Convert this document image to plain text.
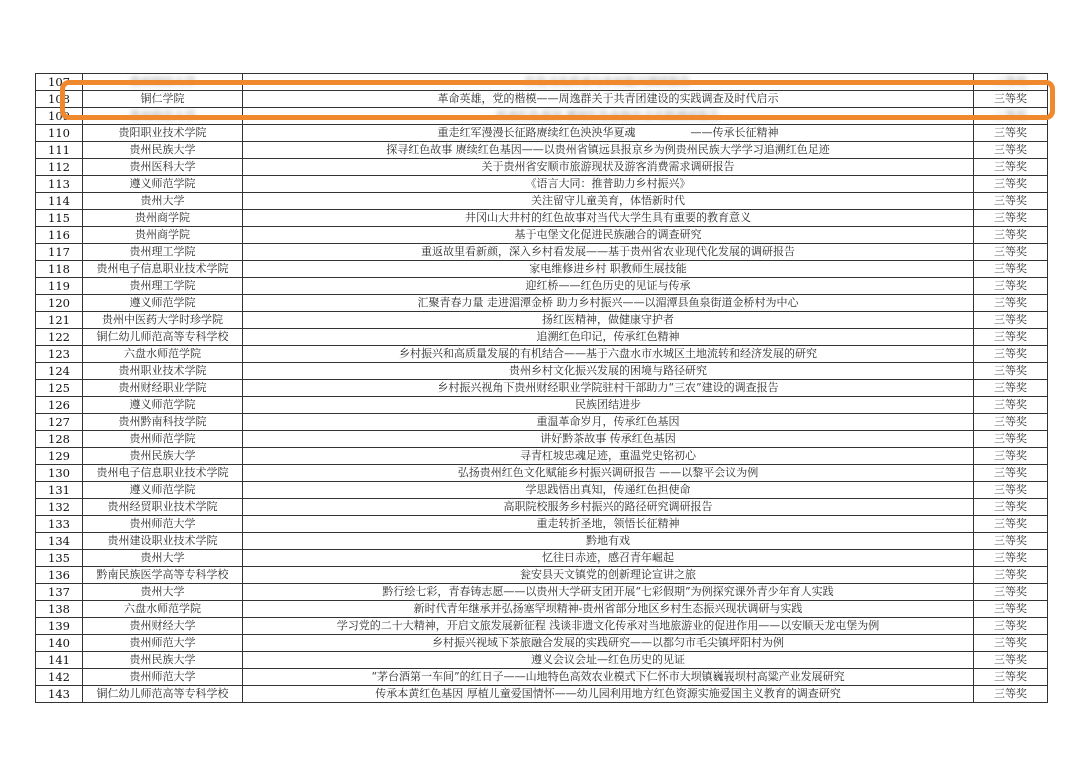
107	贵州财经大学	红色文化传承与乡村振兴调研报告	三等奖
108	铜仁学院	革命英雄，党的楷模——周逸群关于共青团建设的实践调查及时代启示	三等奖
109	贵州师范大学	传承红色基因 赓续红色血脉社会实践调研报告	三等奖
110	贵阳职业技术学院	重走红军漫漫长征路赓续红色泱泱华夏魂　　　　　——传承长征精神	三等奖
111	贵州民族大学	探寻红色故事 赓续红色基因——以贵州省镇远县报京乡为例贵州民族大学学习追溯红色足迹	三等奖
112	贵州医科大学	关于贵州省安顺市旅游现状及游客消费需求调研报告	三等奖
113	遵义师范学院	《语言大同：推普助力乡村振兴》	三等奖
114	贵州大学	关注留守儿童美育，体悟新时代	三等奖
115	贵州商学院	井冈山大井村的红色故事对当代大学生具有重要的教育意义	三等奖
116	贵州商学院	基于屯堡文化促进民族融合的调查研究	三等奖
117	贵州理工学院	重返故里看新颜，深入乡村看发展——基于贵州省农业现代化发展的调研报告	三等奖
118	贵州电子信息职业技术学院	家电维修进乡村 职教师生展技能	三等奖
119	贵州理工学院	迎红桥——红色历史的见证与传承	三等奖
120	遵义师范学院	汇聚青春力量 走进湄潭金桥 助力乡村振兴——以湄潭县鱼泉街道金桥村为中心	三等奖
121	贵州中医药大学时珍学院	扬红医精神，做健康守护者	三等奖
122	铜仁幼儿师范高等专科学校	追溯红色印记，传承红色精神	三等奖
123	六盘水师范学院	乡村振兴和高质量发展的有机结合——基于六盘水市水城区土地流转和经济发展的研究	三等奖
124	贵州职业技术学院	贵州乡村文化振兴发展的困境与路径研究	三等奖
125	贵州财经职业学院	乡村振兴视角下贵州财经职业学院驻村干部助力“三农”建设的调查报告	三等奖
126	遵义师范学院	民族团结进步	三等奖
127	贵州黔南科技学院	重温革命岁月，传承红色基因	三等奖
128	贵州师范学院	讲好黔茶故事 传承红色基因	三等奖
129	贵州民族大学	寻青杠坡忠魂足迹，重温党史铭初心	三等奖
130	贵州电子信息职业技术学院	弘扬贵州红色文化赋能乡村振兴调研报告 ——以黎平会议为例	三等奖
131	遵义师范学院	学思践悟出真知，传递红色担使命	三等奖
132	贵州经贸职业技术学院	高职院校服务乡村振兴的路径研究调研报告	三等奖
133	贵州师范大学	重走转折圣地，领悟长征精神	三等奖
134	贵州建设职业技术学院	黔地有戏	三等奖
135	贵州大学	忆往日赤迹，感召青年崛起	三等奖
136	黔南民族医学高等专科学校	瓮安县天文镇党的创新理论宣讲之旅	三等奖
137	贵州大学	黔行绘七彩，青春铸志愿——以贵州大学研支团开展“七彩假期”为例探究课外青少年育人实践	三等奖
138	六盘水师范学院	新时代青年继承并弘扬塞罕坝精神-贵州省部分地区乡村生态振兴现状调研与实践	三等奖
139	贵州财经大学	学习党的二十大精神，开启文旅发展新征程 浅谈非遗文化传承对当地旅游业的促进作用——以安顺天龙屯堡为例	三等奖
140	贵州师范大学	乡村振兴视域下茶旅融合发展的实践研究——以都匀市毛尖镇坪阳村为例	三等奖
141	贵州民族大学	遵义会议会址—红色历史的见证	三等奖
142	贵州师范大学	“茅台酒第一车间”的红日子——山地特色高效农业模式下仁怀市大坝镇巍峩坝村高粱产业发展研究	三等奖
143	铜仁幼儿师范高等专科学校	传承本黄红色基因 厚植儿童爱国情怀——幼儿园利用地方红色资源实施爱国主义教育的调查研究	三等奖
